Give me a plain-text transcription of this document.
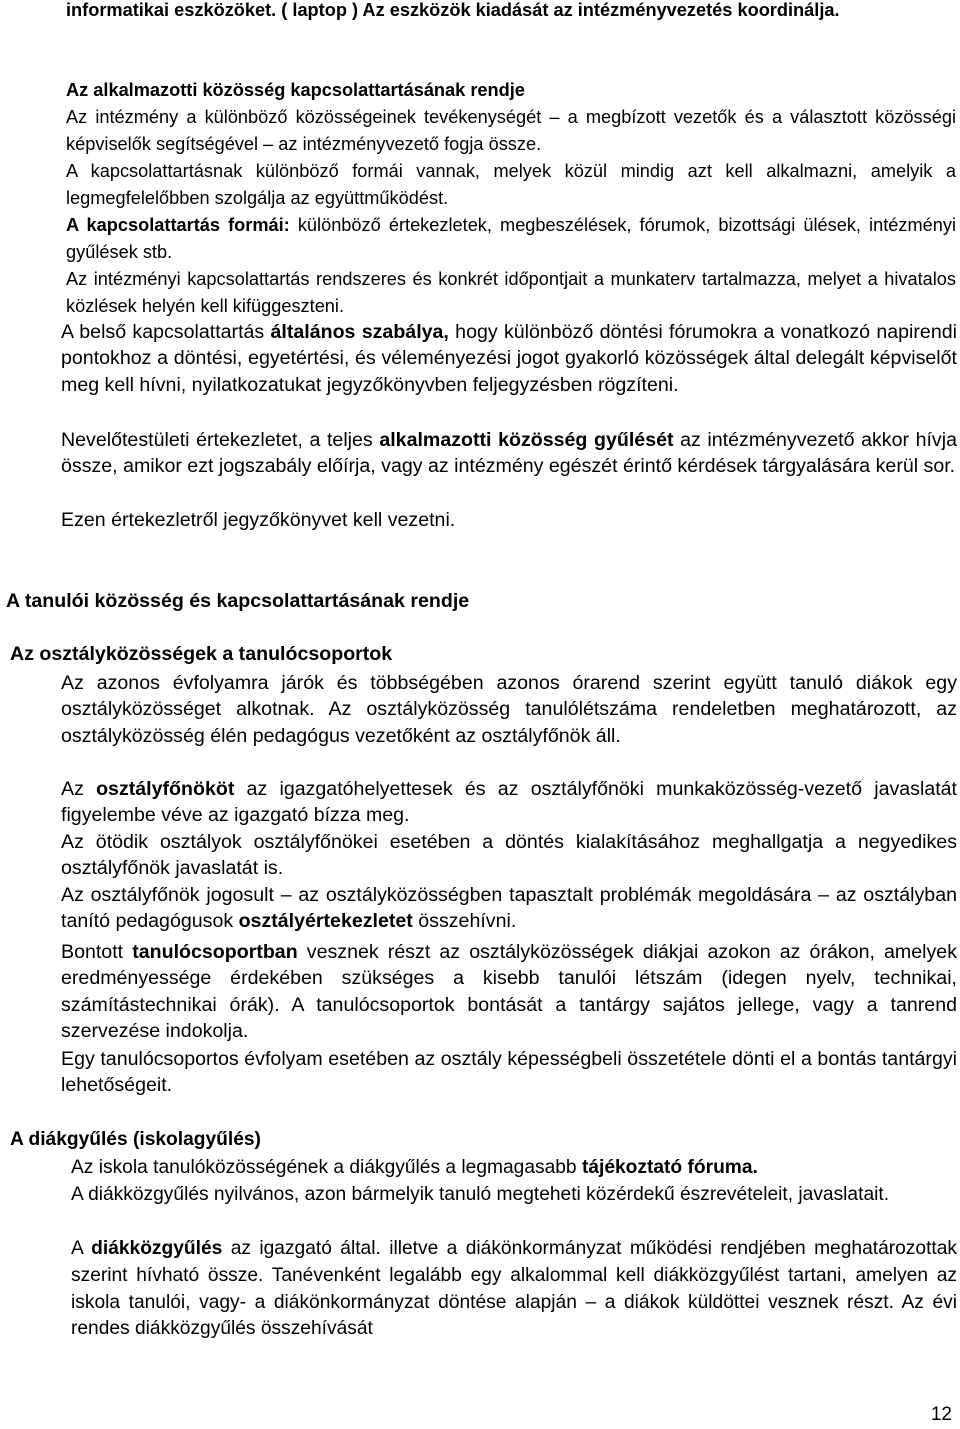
informatikai eszközöket. ( laptop ) Az eszközök kiadását az intézményvezetés koordinálja.

Az alkalmazotti közösség kapcsolattartásának rendje

Az intézmény a különböző közösségeinek tevékenységét – a megbízott vezetők és a választott közösségi képviselők segítségével – az intézményvezető fogja össze.

A kapcsolattartásnak különböző formái vannak, melyek közül mindig azt kell alkalmazni, amelyik a legmegfelelőbben szolgálja az együttműködést.

A kapcsolattartás formái: különböző értekezletek, megbeszélések, fórumok, bizottsági ülések, intézményi gyűlések stb.

Az intézményi kapcsolattartás rendszeres és konkrét időpontjait a munkaterv tartalmazza, melyet a hivatalos közlések helyén kell kifüggeszteni.

A belső kapcsolattartás általános szabálya, hogy különböző döntési fórumokra a vonatkozó napirendi pontokhoz a döntési, egyetértési, és véleményezési jogot gyakorló közösségek által delegált képviselőt meg kell hívni, nyilatkozatukat jegyzőkönyvben feljegyzésben rögzíteni.

Nevelőtestületi értekezletet, a teljes alkalmazotti közösség gyűlését az intézményvezető akkor hívja össze, amikor ezt jogszabály előírja, vagy az intézmény egészét érintő kérdések tárgyalására kerül sor.

Ezen értekezletről jegyzőkönyvet kell vezetni.

A tanulói közösség és kapcsolattartásának rendje

Az osztályközösségek a tanulócsoportok

Az azonos évfolyamra járók és többségében azonos órarend szerint együtt tanuló diákok egy osztályközösséget alkotnak. Az osztályközösség tanulólétszáma rendeletben meghatározott, az osztályközösség élén pedagógus vezetőként az osztályfőnök áll.

Az osztályfőnököt az igazgatóhelyettesek és az osztályfőnöki munkaközösség-vezető javaslatát figyelembe véve az igazgató bízza meg.

Az ötödik osztályok osztályfőnökei esetében a döntés kialakításához meghallgatja a negyedikes osztályfőnök javaslatát is.

Az osztályfőnök jogosult – az osztályközösségben tapasztalt problémák megoldására – az osztályban tanító pedagógusok osztályértekezletet összehívni.

Bontott tanulócsoportban vesznek részt az osztályközösségek diákjai azokon az órákon, amelyek eredményessége érdekében szükséges a kisebb tanulói létszám (idegen nyelv, technikai, számítástechnikai órák). A tanulócsoportok bontását a tantárgy sajátos jellege, vagy a tanrend szervezése indokolja.

Egy tanulócsoportos évfolyam esetében az osztály képességbeli összetétele dönti el a bontás tantárgyi lehetőségeit.

A diákgyűlés (iskolagyűlés)

Az iskola tanulóközösségének a diákgyűlés a legmagasabb tájékoztató fóruma.

A diákközgyűlés nyilvános, azon bármelyik tanuló megteheti közérdekű észrevételeit, javaslatait.

A diákközgyűlés az igazgató által. illetve a diákönkormányzat működési rendjében meghatározottak szerint hívható össze. Tanévenként legalább egy alkalommal kell diákközgyűlést tartani, amelyen az iskola tanulói, vagy- a diákönkormányzat döntése alapján – a diákok küldöttei vesznek részt. Az évi rendes diákközgyűlés összehívását

12
